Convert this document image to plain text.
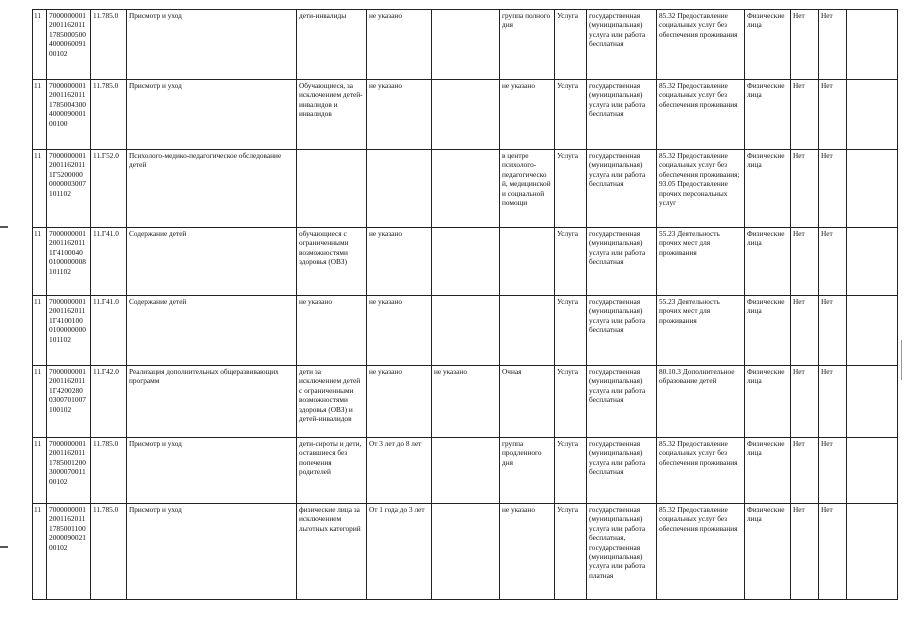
11	7000000001 2001162011 1785000500 4000060091 00102	11.785.0	Присмотр и уход	дети-инвалиды	не указано		группа полного дня	Услуга	государственная (муниципальная) услуга или работа бесплатная	85.32 Предоставление социальных услуг без обеспечения проживания	Физические лица	Нет	Нет	
11	7000000001 2001162011 1785004300 4000090001 00100	11.785.0	Присмотр и уход	Обучающиеся, за исключением детей-инвалидов и инвалидов	не указано		не указано	Услуга	государственная (муниципальная) услуга или работа бесплатная	85.32 Предоставление социальных услуг без обеспечения проживания	Физические лица	Нет	Нет	
11	7000000001 2001162011 1Г5200000 0000003007 101102	11.Г52.0	Психолого-медико-педагогическое обследование детей				в центре психолого-педагогическо й, медицинской и социальной помощи	Услуга	государственная (муниципальная) услуга или работа бесплатная	85.32 Предоставление социальных услуг без обеспечения проживания; 93.05 Предоставление прочих персональных услуг	Физические лица	Нет	Нет	
11	7000000001 2001162011 1Г4100040 0100000008 101102	11.Г41.0	Содержание детей	обучающиеся с ограниченными возможностями здоровья (ОВЗ)	не указано			Услуга	государственная (муниципальная) услуга или работа бесплатная	55.23 Деятельность прочих мест для проживания	Физические лица	Нет	Нет	
11	7000000001 2001162011 1Г4100100 0100000000 101102	11.Г41.0	Содержание детей	не указано	не указано			Услуга	государственная (муниципальная) услуга или работа бесплатная	55.23 Деятельность прочих мест для проживания	Физические лица	Нет	Нет	
11	7000000001 2001162011 1Г4200280 0300701007 100102	11.Г42.0	Реализация дополнительных общеразвивающих программ	дети за исключением детей с ограниченными возможностями здоровья (ОВЗ) и детей-инвалидов	не указано	не указано	Очная	Услуга	государственная (муниципальная) услуга или работа бесплатная	80.10.3 Дополнительное образование детей	Физические лица	Нет	Нет	
11	7000000001 2001162011 1785001200 3000070011 00102	11.785.0	Присмотр и уход	дети-сироты и дети, оставшиеся без попечения родителей	От 3 лет до 8 лет		группа продленного дня	Услуга	государственная (муниципальная) услуга или работа бесплатная	85.32 Предоставление социальных услуг без обеспечения проживания	Физические лица	Нет	Нет	
11	7000000001 2001162011 1785001100 2000090021 00102	11.785.0	Присмотр и уход	физические лица за исключением льготных категорий	От 1 года до 3 лет		не указано	Услуга	государственная (муниципальная) услуга или работа бесплатная, государственная (муниципальная) услуга или работа платная	85.32 Предоставление социальных услуг без обеспечения проживания	Физические лица	Нет	Нет	
